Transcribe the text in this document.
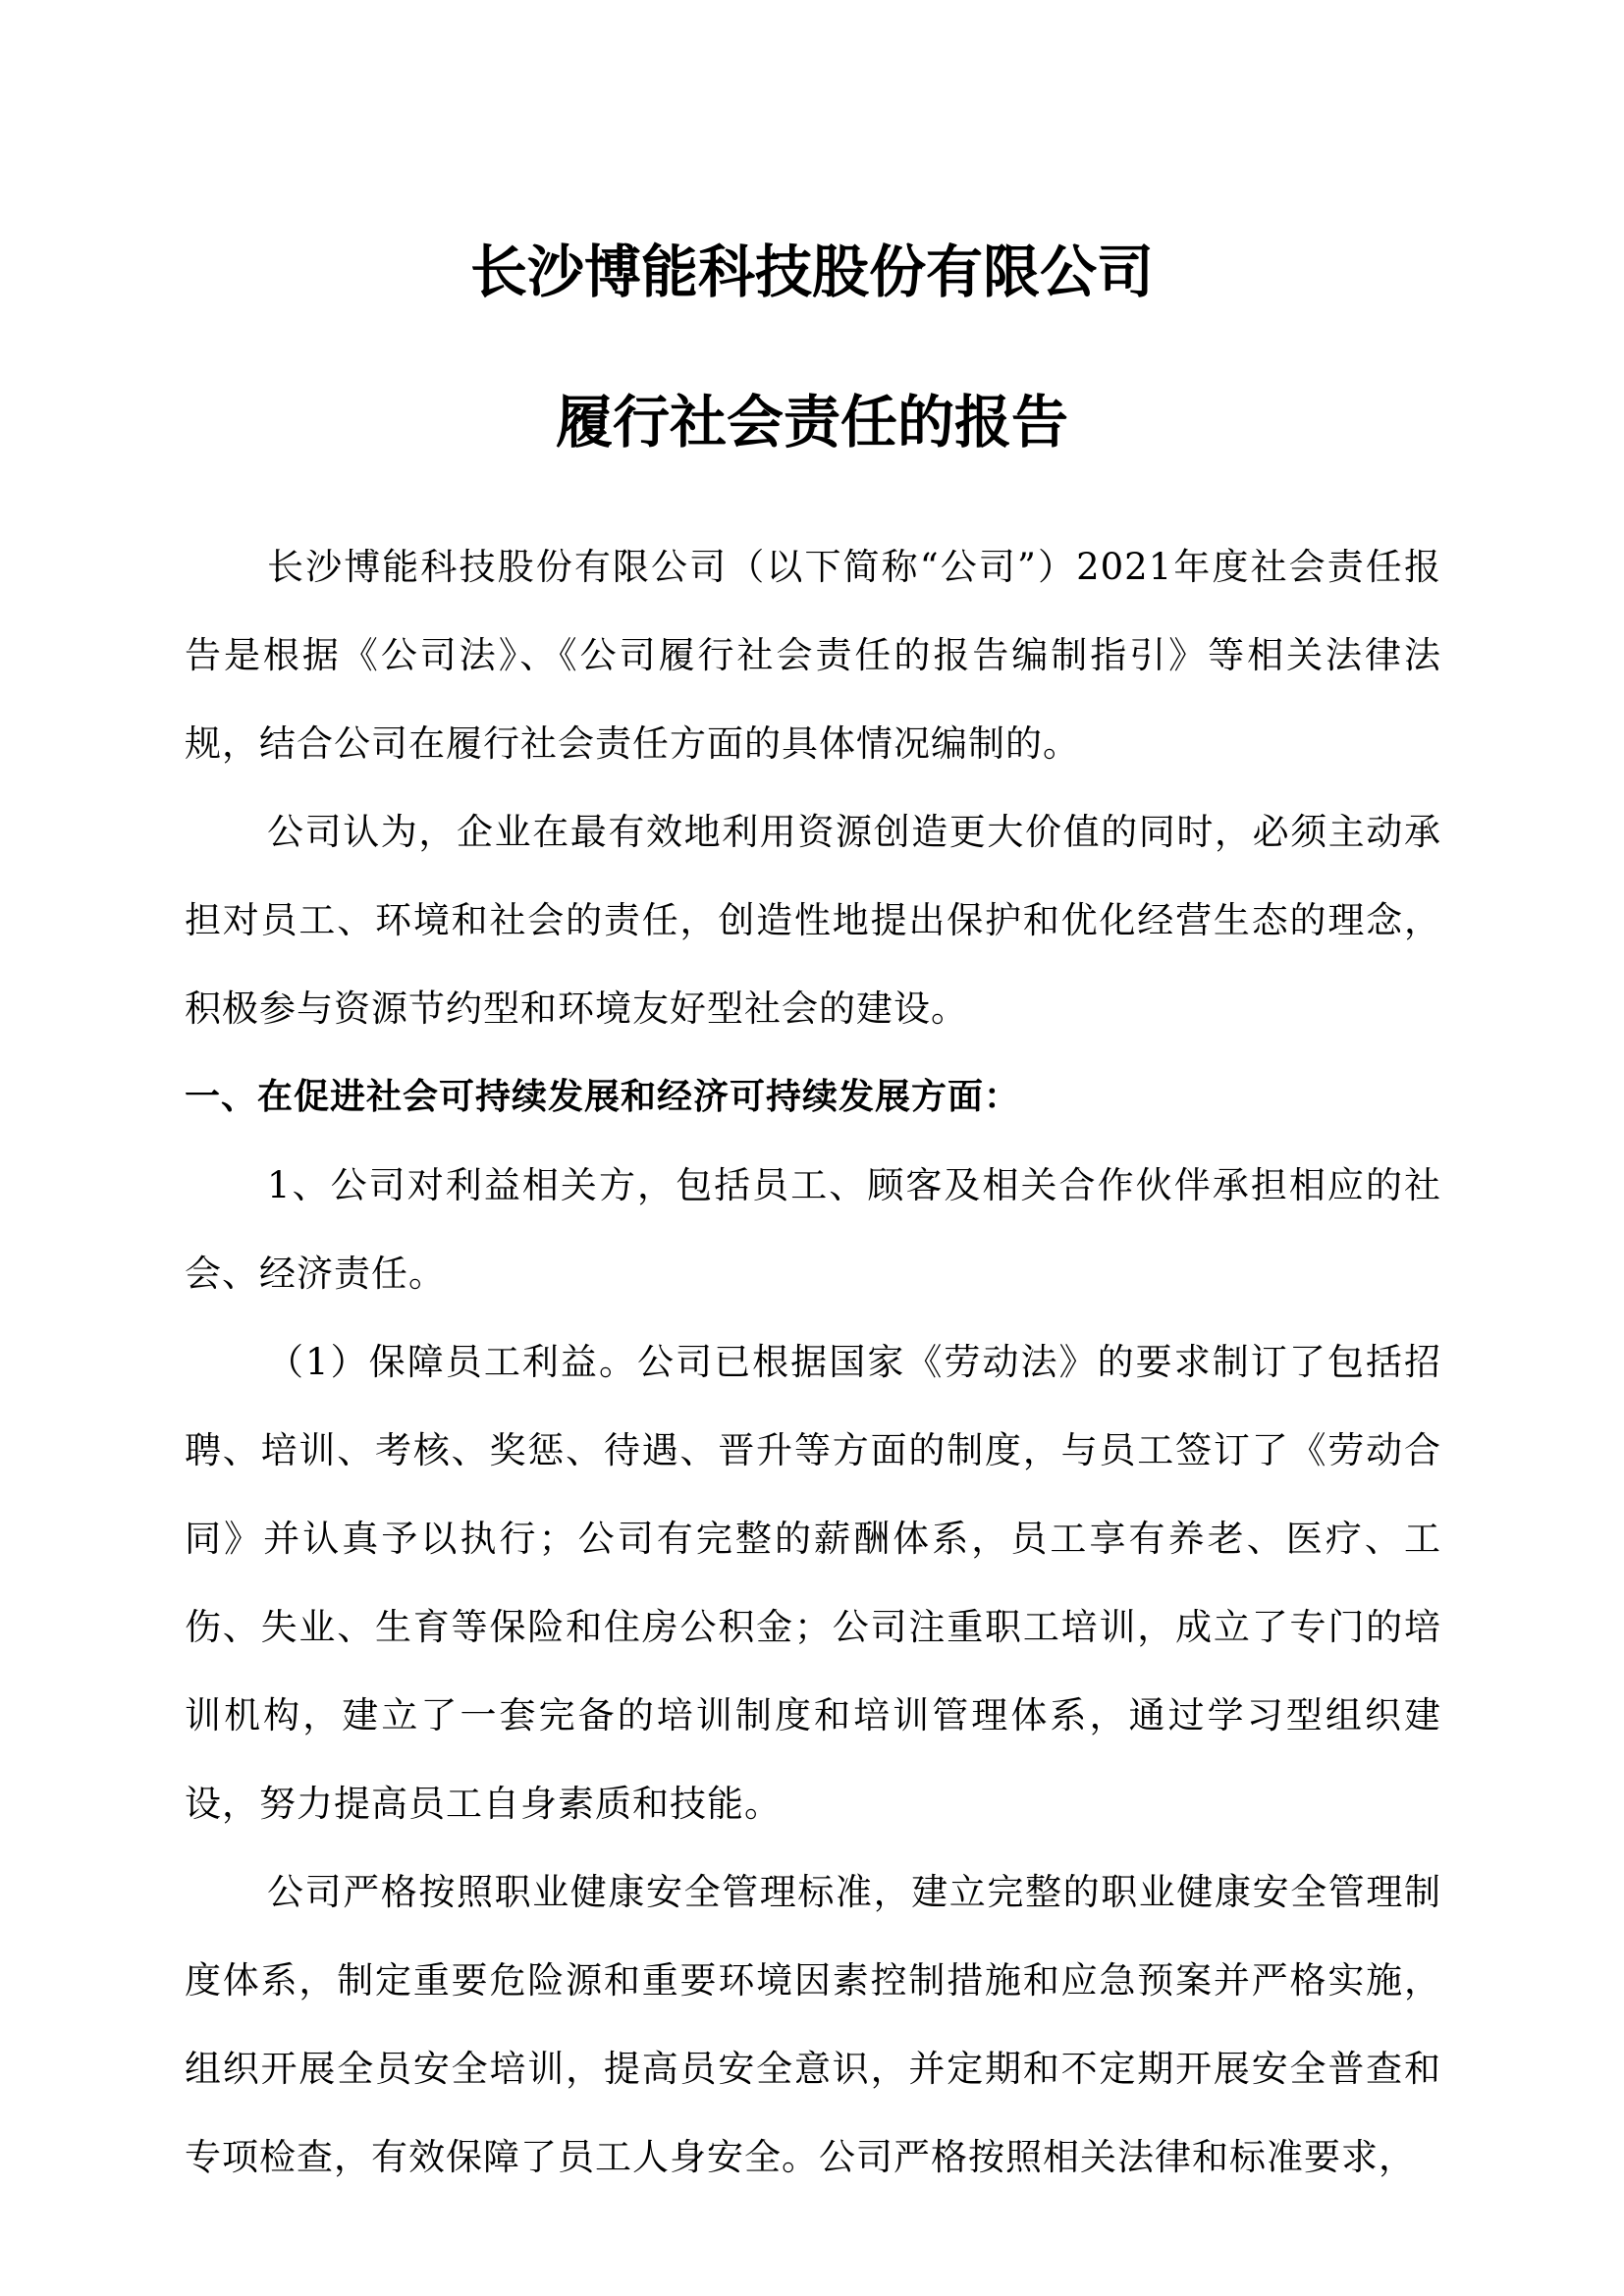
长沙博能科技股份有限公司
履行社会责任的报告

长沙博能科技股份有限公司（以下简称“公司”）2021年度社会责任报告是根据《公司法》、《公司履行社会责任的报告编制指引》等相关法律法规，结合公司在履行社会责任方面的具体情况编制的。

公司认为，企业在最有效地利用资源创造更大价值的同时，必须主动承担对员工、环境和社会的责任，创造性地提出保护和优化经营生态的理念，积极参与资源节约型和环境友好型社会的建设。

一、在促进社会可持续发展和经济可持续发展方面：

1、公司对利益相关方，包括员工、顾客及相关合作伙伴承担相应的社会、经济责任。

（1）保障员工利益。公司已根据国家《劳动法》的要求制订了包括招聘、培训、考核、奖惩、待遇、晋升等方面的制度，与员工签订了《劳动合同》并认真予以执行；公司有完整的薪酬体系，员工享有养老、医疗、工伤、失业、生育等保险和住房公积金；公司注重职工培训，成立了专门的培训机构，建立了一套完备的培训制度和培训管理体系，通过学习型组织建设，努力提高员工自身素质和技能。

公司严格按照职业健康安全管理标准，建立完整的职业健康安全管理制度体系，制定重要危险源和重要环境因素控制措施和应急预案并严格实施，组织开展全员安全培训，提高员安全意识，并定期和不定期开展安全普查和专项检查，有效保障了员工人身安全。公司严格按照相关法律和标准要求，
